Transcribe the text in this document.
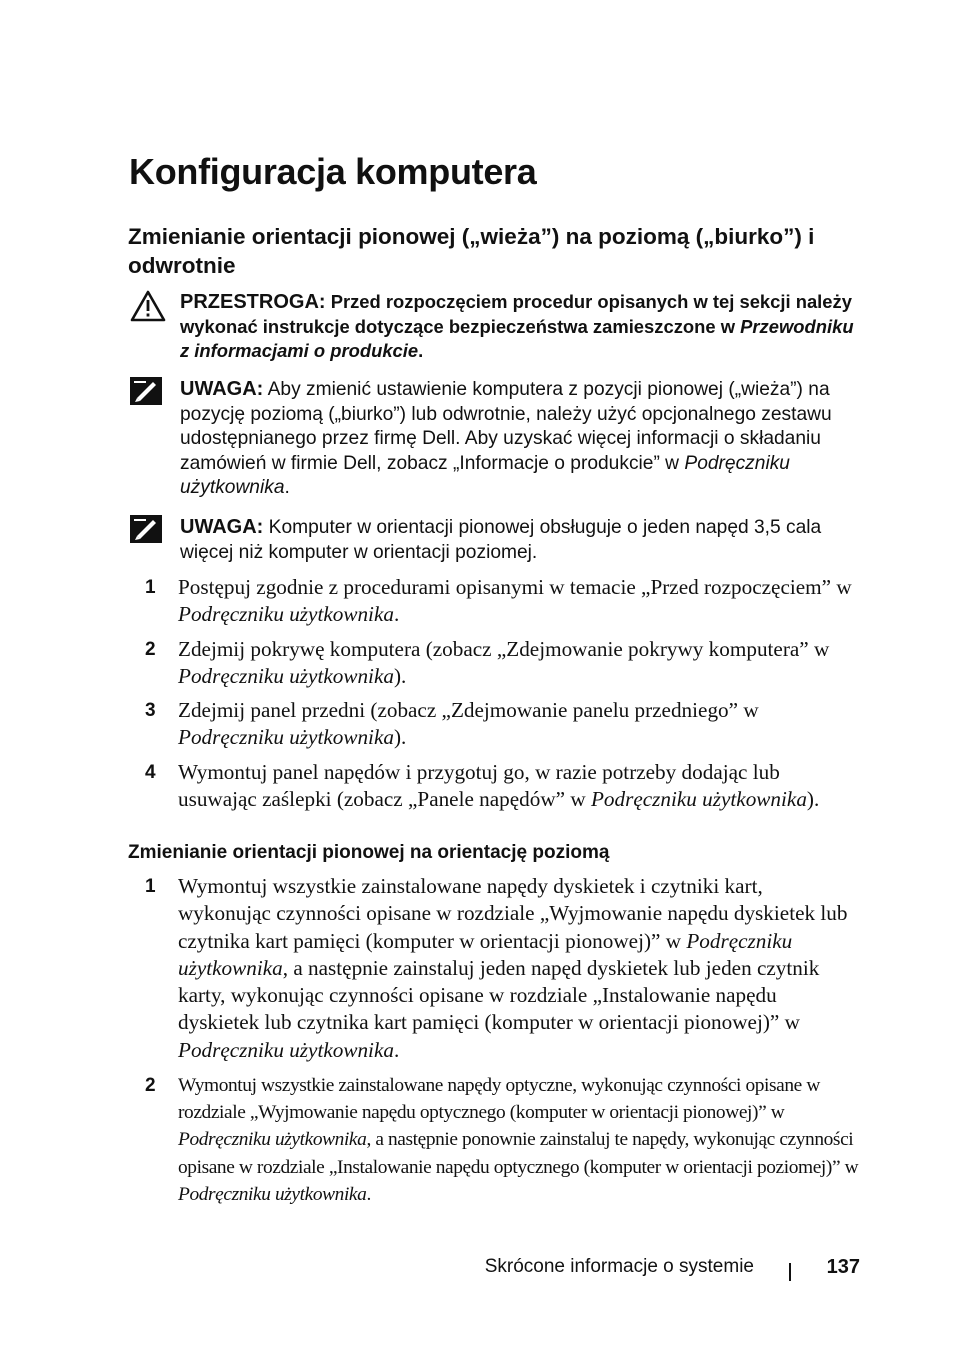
Konfiguracja komputera
Zmienianie orientacji pionowej („wieża”) na poziomą („biurko”) i odwrotnie
PRZESTROGA: Przed rozpoczęciem procedur opisanych w tej sekcji należy wykonać instrukcje dotyczące bezpieczeństwa zamieszczone w Przewodniku z informacjami o produkcie.
UWAGA: Aby zmienić ustawienie komputera z pozycji pionowej („wieża”) na pozycję poziomą („biurko”) lub odwrotnie, należy użyć opcjonalnego zestawu udostępnianego przez firmę Dell. Aby uzyskać więcej informacji o składaniu zamówień w firmie Dell, zobacz „Informacje o produkcie” w Podręczniku użytkownika.
UWAGA: Komputer w orientacji pionowej obsługuje o jeden napęd 3,5 cala więcej niż komputer w orientacji poziomej.
1 Postępuj zgodnie z procedurami opisanymi w temacie „Przed rozpoczęciem” w Podręczniku użytkownika.
2 Zdejmij pokrywę komputera (zobacz „Zdejmowanie pokrywy komputera” w Podręczniku użytkownika).
3 Zdejmij panel przedni (zobacz „Zdejmowanie panelu przedniego” w Podręczniku użytkownika).
4 Wymontuj panel napędów i przygotuj go, w razie potrzeby dodając lub usuwając zaślepki (zobacz „Panele napędów” w Podręczniku użytkownika).
Zmienianie orientacji pionowej na orientację poziomą
1 Wymontuj wszystkie zainstalowane napędy dyskietek i czytniki kart, wykonując czynności opisane w rozdziale „Wyjmowanie napędu dyskietek lub czytnika kart pamięci (komputer w orientacji pionowej)” w Podręczniku użytkownika, a następnie zainstaluj jeden napęd dyskietek lub jeden czytnik karty, wykonując czynności opisane w rozdziale „Instalowanie napędu dyskietek lub czytnika kart pamięci (komputer w orientacji pionowej)” w Podręczniku użytkownika.
2 Wymontuj wszystkie zainstalowane napędy optyczne, wykonując czynności opisane w rozdziale „Wyjmowanie napędu optycznego (komputer w orientacji pionowej)” w Podręczniku użytkownika, a następnie ponownie zainstaluj te napędy, wykonując czynności opisane w rozdziale „Instalowanie napędu optycznego (komputer w orientacji poziomej)” w Podręczniku użytkownika.
Skrócone informacje o systemie	137
